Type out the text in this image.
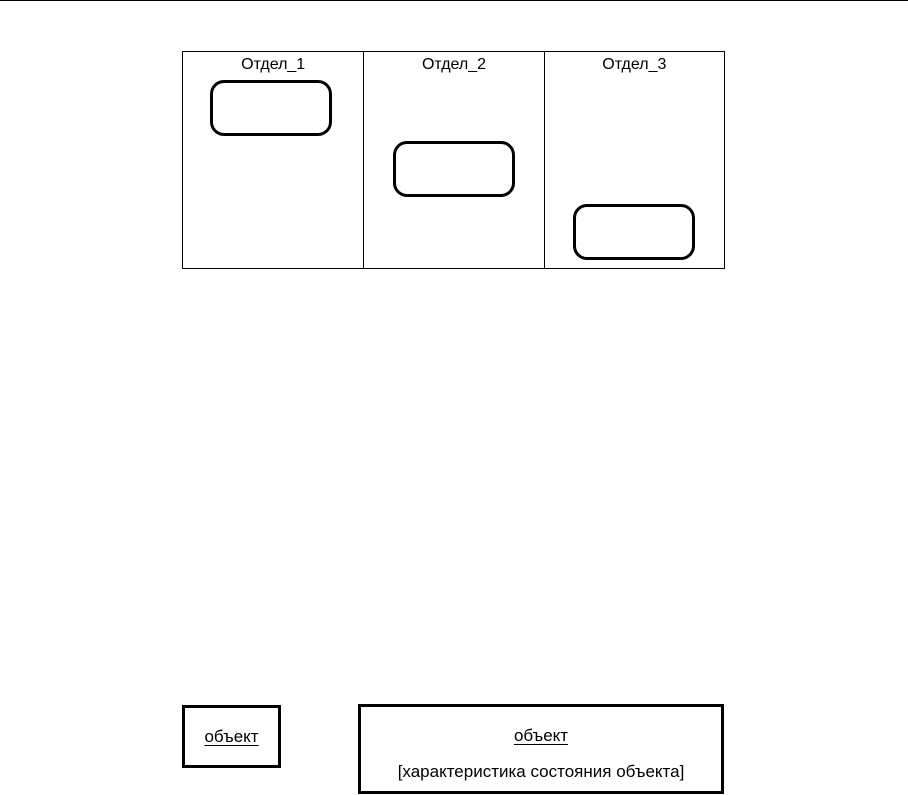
Отдел_1	Отдел_2	Отдел_3
объект	объект
[характеристика состояния объекта]
